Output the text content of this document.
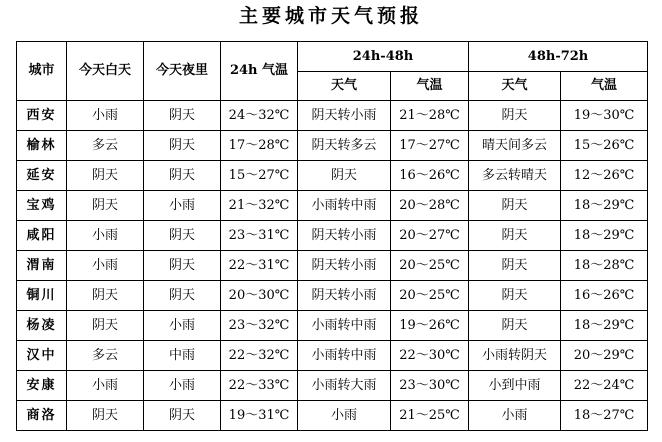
主要城市天气预报
城市	今天白天	今天夜里	24h 气温	24h-48h		48h-72h	
				天气	气温	天气	气温
西安	小雨	阴天	24～32℃	阴天转小雨	21～28℃	阴天	19～30℃
榆林	多云	阴天	17～28℃	阴天转多云	17～27℃	晴天间多云	15～26℃
延安	阴天	阴天	15～27℃	阴天	16～26℃	多云转晴天	12～26℃
宝鸡	阴天	小雨	21～32℃	小雨转中雨	20～28℃	阴天	18～29℃
咸阳	小雨	阴天	23～31℃	阴天转小雨	20～27℃	阴天	18～29℃
渭南	小雨	阴天	22～31℃	阴天转小雨	20～25℃	阴天	18～28℃
铜川	阴天	阴天	20～30℃	阴天转小雨	20～25℃	阴天	16～26℃
杨凌	阴天	小雨	23～32℃	小雨转中雨	19～26℃	阴天	18～29℃
汉中	多云	中雨	22～32℃	小雨转中雨	22～30℃	小雨转阴天	20～29℃
安康	小雨	小雨	22～33℃	小雨转大雨	23～30℃	小到中雨	22～24℃
商洛	阴天	阴天	19～31℃	小雨	21～25℃	小雨	18～27℃
